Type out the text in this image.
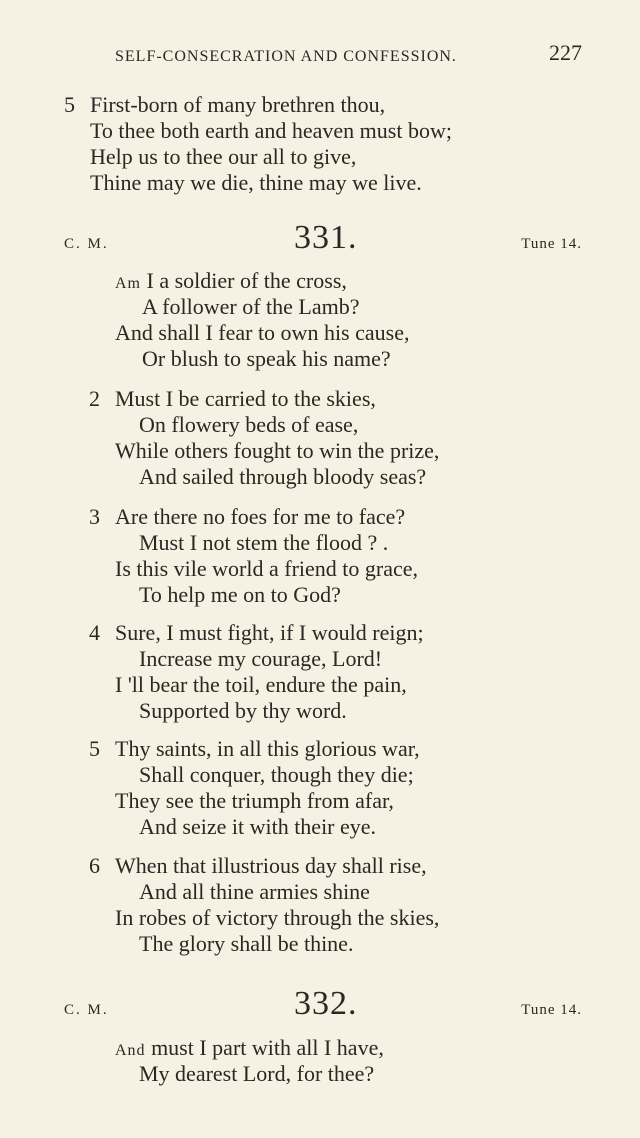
SELF-CONSECRATION AND CONFESSION.	227
5 First-born of many brethren thou,
To thee both earth and heaven must bow;
Help us to thee our all to give,
Thine may we die, thine may we live.
C. M.	331.	Tune 14.
Am I a soldier of the cross,
A follower of the Lamb?
And shall I fear to own his cause,
Or blush to speak his name?
2 Must I be carried to the skies,
On flowery beds of ease,
While others fought to win the prize,
And sailed through bloody seas?
3 Are there no foes for me to face?
Must I not stem the flood ? .
Is this vile world a friend to grace,
To help me on to God?
4 Sure, I must fight, if I would reign;
Increase my courage, Lord!
I 'll bear the toil, endure the pain,
Supported by thy word.
5 Thy saints, in all this glorious war,
Shall conquer, though they die;
They see the triumph from afar,
And seize it with their eye.
6 When that illustrious day shall rise,
And all thine armies shine
In robes of victory through the skies,
The glory shall be thine.
C. M.	332.	Tune 14.
And must I part with all I have,
My dearest Lord, for thee?
